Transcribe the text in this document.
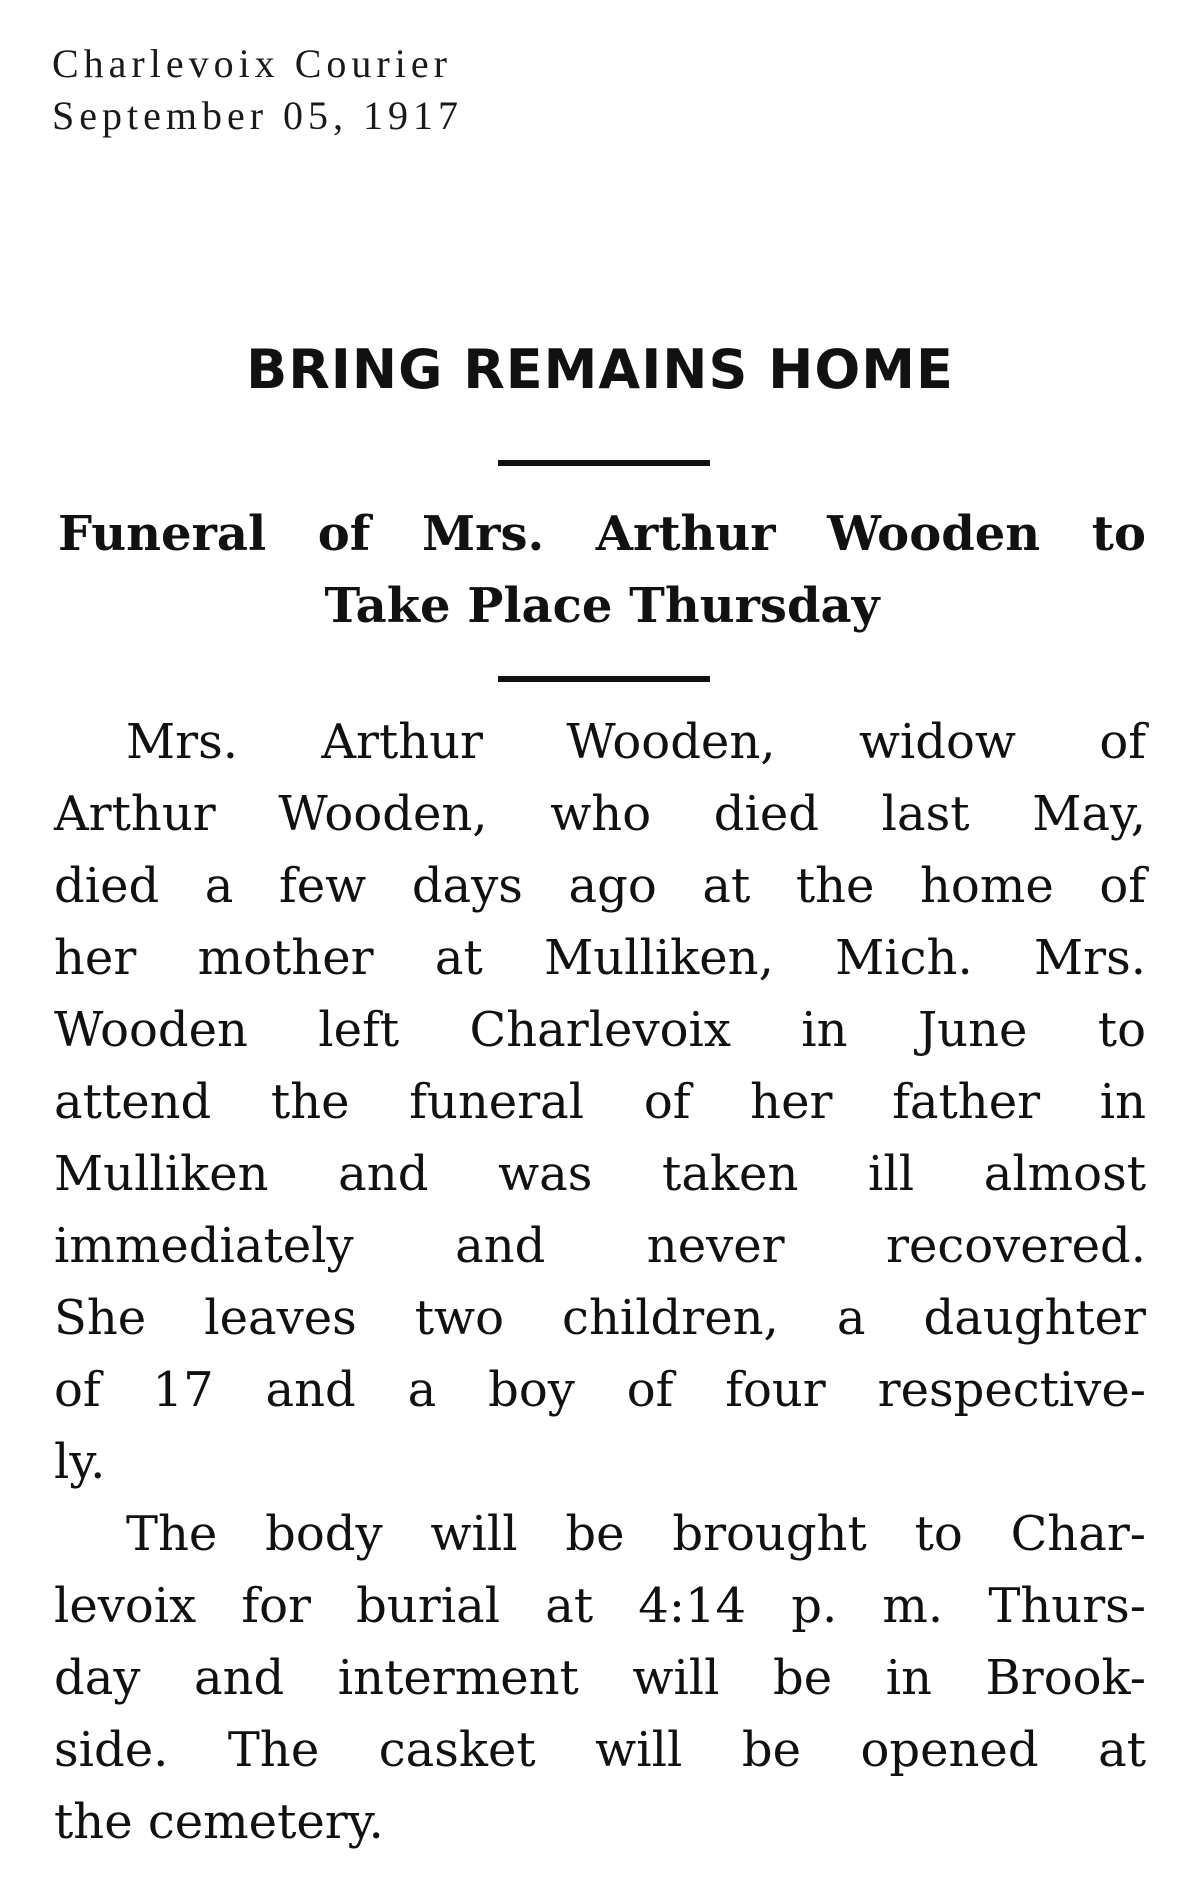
Charlevoix Courier
September 05, 1917
BRING REMAINS HOME
Funeral of Mrs. Arthur Wooden to
Take Place Thursday
Mrs. Arthur Wooden, widow of
Arthur Wooden, who died last May,
died a few days ago at the home of
her mother at Mulliken, Mich. Mrs.
Wooden left Charlevoix in June to
attend the funeral of her father in
Mulliken and was taken ill almost
immediately and never recovered.
She leaves two children, a daughter
of 17 and a boy of four respective-
ly.
The body will be brought to Char-
levoix for burial at 4:14 p. m. Thurs-
day and interment will be in Brook-
side. The casket will be opened at
the cemetery.
